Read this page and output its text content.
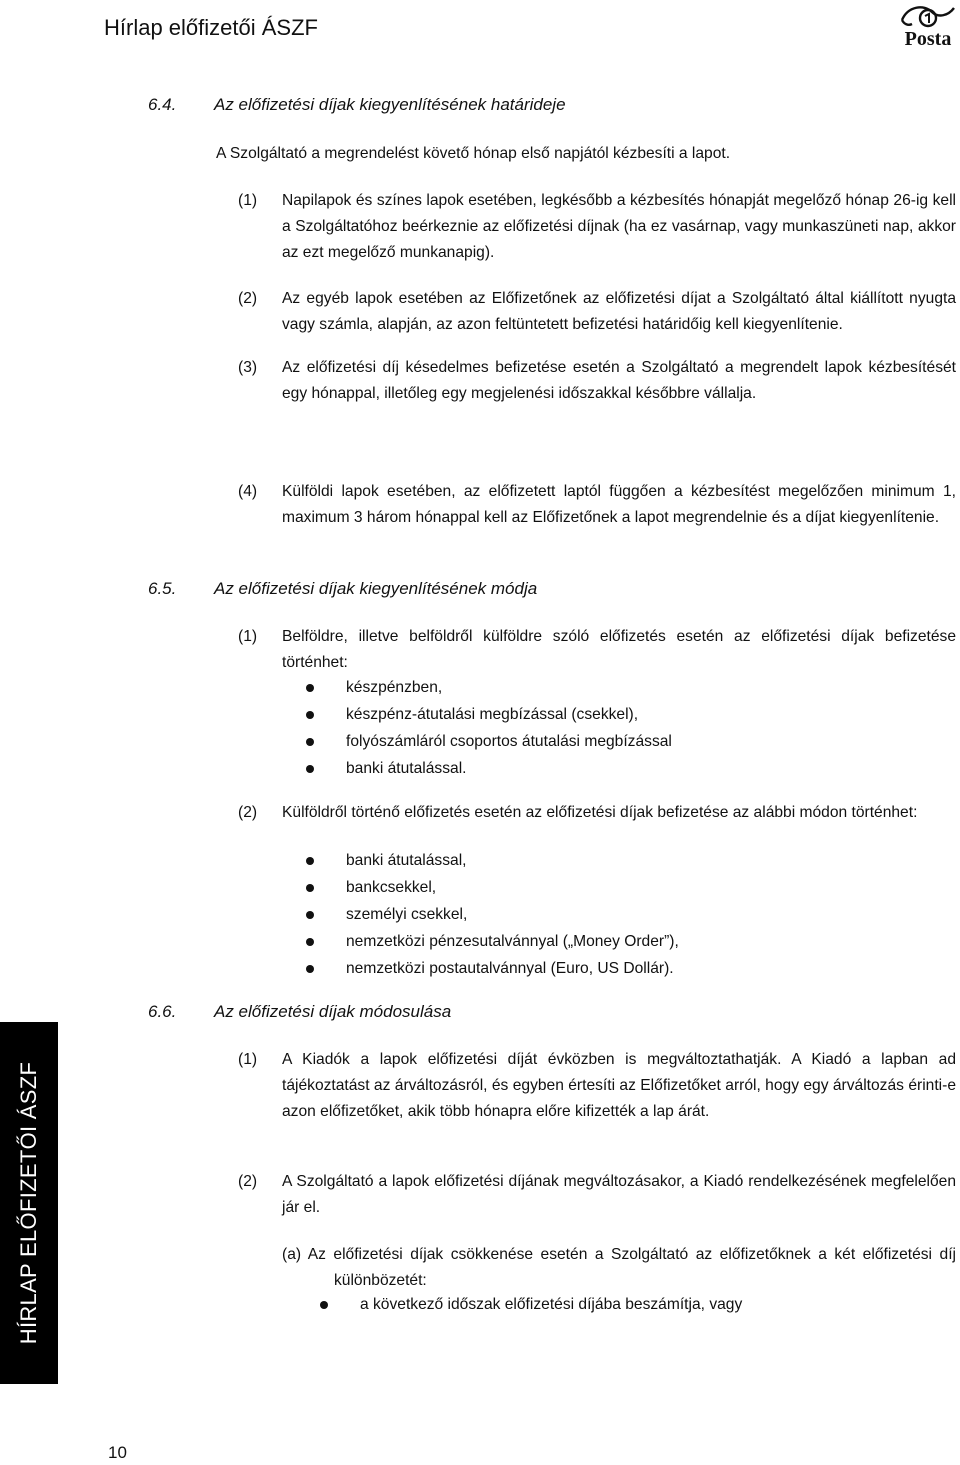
Hírlap előfizetői ÁSZF	Posta
6.4. Az előfizetési díjak kiegyenlítésének határideje
A Szolgáltató a megrendelést követő hónap első napjától kézbesíti a lapot.
(1) Napilapok és színes lapok esetében, legkésőbb a kézbesítés hónapját megelőző hónap 26-ig kell a Szolgáltatóhoz beérkeznie az előfizetési díjnak (ha ez vasárnap, vagy munkaszüneti nap, akkor az ezt megelőző munkanapig).
(2) Az egyéb lapok esetében az Előfizetőnek az előfizetési díjat a Szolgáltató által kiállított nyugta vagy számla, alapján, az azon feltüntetett befizetési határidőig kell kiegyenlítenie.
(3) Az előfizetési díj késedelmes befizetése esetén a Szolgáltató a megrendelt lapok kézbesítését egy hónappal, illetőleg egy megjelenési időszakkal későbbre vállalja.
(4) Külföldi lapok esetében, az előfizetett laptól függően a kézbesítést megelőzően minimum 1, maximum 3 három hónappal kell az Előfizetőnek a lapot megrendelnie és a díjat kiegyenlítenie.
6.5. Az előfizetési díjak kiegyenlítésének módja
(1) Belföldre, illetve belföldről külföldre szóló előfizetés esetén az előfizetési díjak befizetése történhet:
készpénzben,
készpénz-átutalási megbízással (csekkel),
folyószámláról csoportos átutalási megbízással
banki átutalással.
(2) Külföldről történő előfizetés esetén az előfizetési díjak befizetése az alábbi módon történhet:
banki átutalással,
bankcsekkel,
személyi csekkel,
nemzetközi pénzesutalvánnyal („Money Order”),
nemzetközi postautalvánnyal (Euro, US Dollár).
6.6. Az előfizetési díjak módosulása
(1) A Kiadók a lapok előfizetési díját évközben is megváltoztathatják. A Kiadó a lapban ad tájékoztatást az árváltozásról, és egyben értesíti az Előfizetőket arról, hogy egy árváltozás érinti-e azon előfizetőket, akik több hónapra előre kifizették a lap árát.
(2) A Szolgáltató a lapok előfizetési díjának megváltozásakor, a Kiadó rendelkezésének megfelelően jár el.
(a) Az előfizetési díjak csökkenése esetén a Szolgáltató az előfizetőknek a két előfizetési díj különbözetét:
a következő időszak előfizetési díjába beszámítja, vagy
HÍRLAP ELŐFIZETŐI ÁSZF
10
